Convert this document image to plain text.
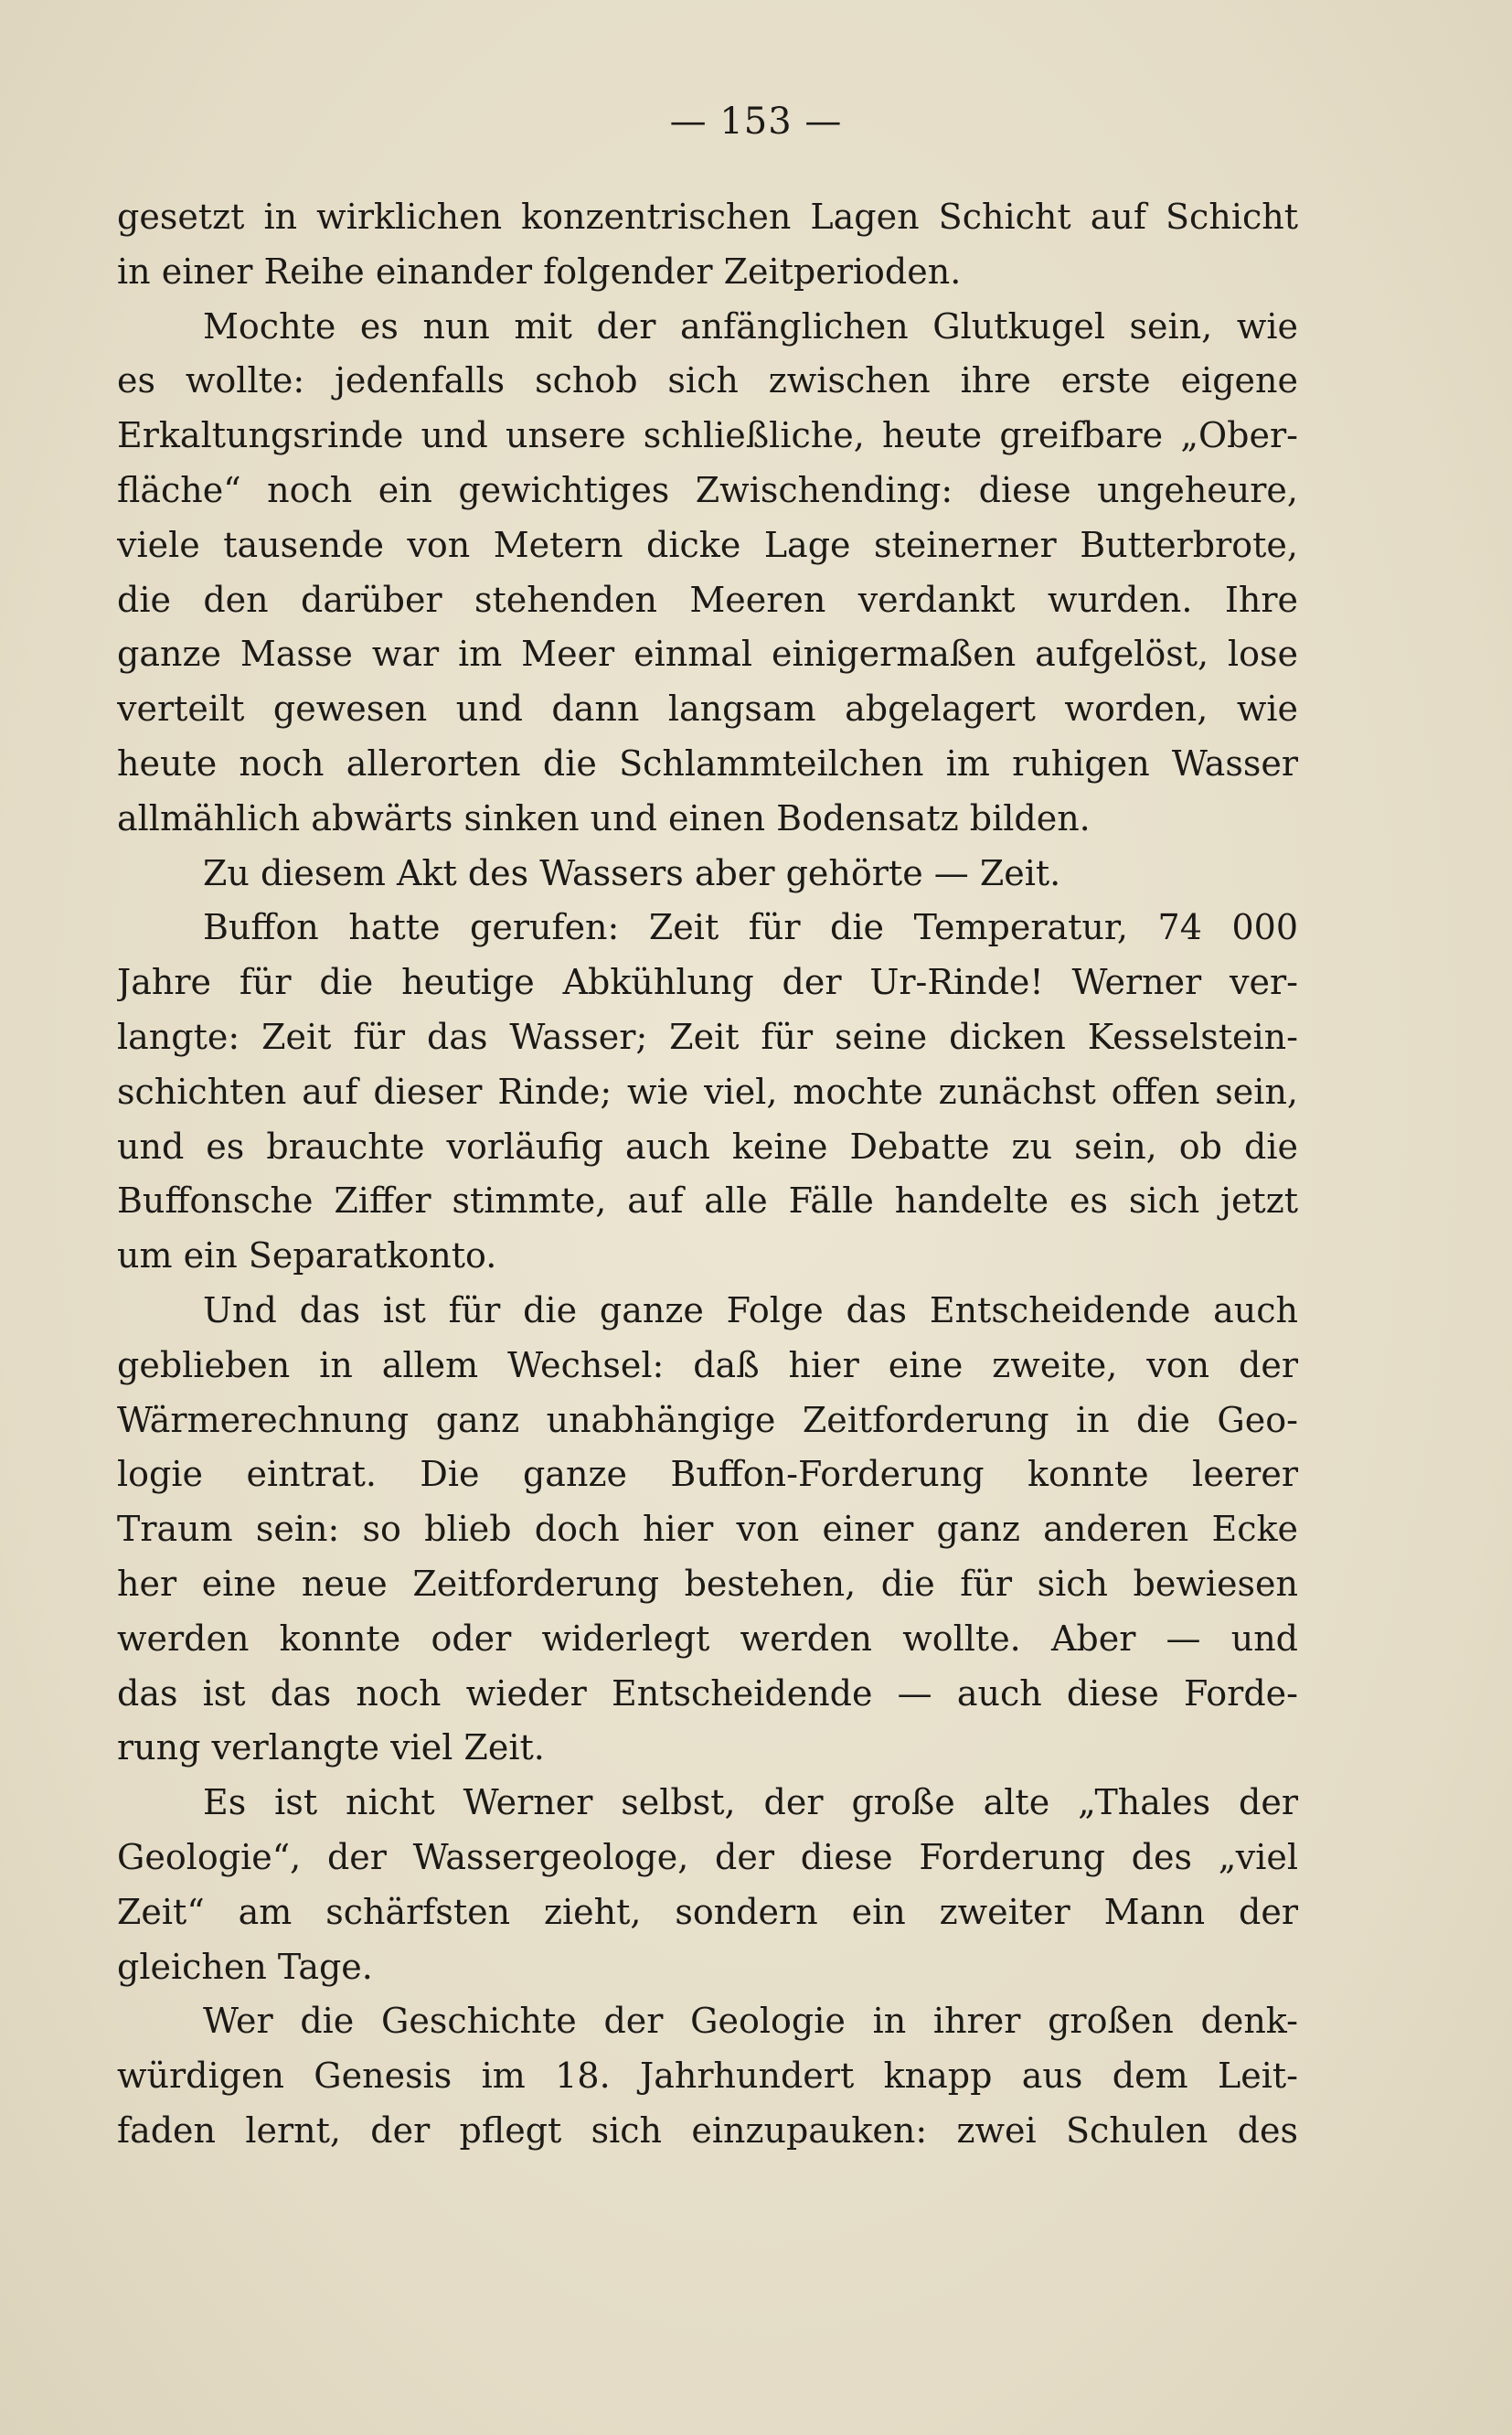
— 153 —
gesetzt in wirklichen konzentrischen Lagen Schicht auf Schicht
in einer Reihe einander folgender Zeitperioden.
Mochte es nun mit der anfänglichen Glutkugel sein, wie
es wollte: jedenfalls schob sich zwischen ihre erste eigene
Erkaltungsrinde und unsere schließliche, heute greifbare „Ober-
fläche“ noch ein gewichtiges Zwischending: diese ungeheure,
viele tausende von Metern dicke Lage steinerner Butterbrote,
die den darüber stehenden Meeren verdankt wurden. Ihre
ganze Masse war im Meer einmal einigermaßen aufgelöst, lose
verteilt gewesen und dann langsam abgelagert worden, wie
heute noch allerorten die Schlammteilchen im ruhigen Wasser
allmählich abwärts sinken und einen Bodensatz bilden.
Zu diesem Akt des Wassers aber gehörte — Zeit.
Buffon hatte gerufen: Zeit für die Temperatur, 74 000
Jahre für die heutige Abkühlung der Ur-Rinde! Werner ver-
langte: Zeit für das Wasser; Zeit für seine dicken Kesselstein-
schichten auf dieser Rinde; wie viel, mochte zunächst offen sein,
und es brauchte vorläufig auch keine Debatte zu sein, ob die
Buffonsche Ziffer stimmte, auf alle Fälle handelte es sich jetzt
um ein Separatkonto.
Und das ist für die ganze Folge das Entscheidende auch
geblieben in allem Wechsel: daß hier eine zweite, von der
Wärmerechnung ganz unabhängige Zeitforderung in die Geo-
logie eintrat. Die ganze Buffon-Forderung konnte leerer
Traum sein: so blieb doch hier von einer ganz anderen Ecke
her eine neue Zeitforderung bestehen, die für sich bewiesen
werden konnte oder widerlegt werden wollte. Aber — und
das ist das noch wieder Entscheidende — auch diese Forde-
rung verlangte viel Zeit.
Es ist nicht Werner selbst, der große alte „Thales der
Geologie“, der Wassergeologe, der diese Forderung des „viel
Zeit“ am schärfsten zieht, sondern ein zweiter Mann der
gleichen Tage.
Wer die Geschichte der Geologie in ihrer großen denk-
würdigen Genesis im 18. Jahrhundert knapp aus dem Leit-
faden lernt, der pflegt sich einzupauken: zwei Schulen des
